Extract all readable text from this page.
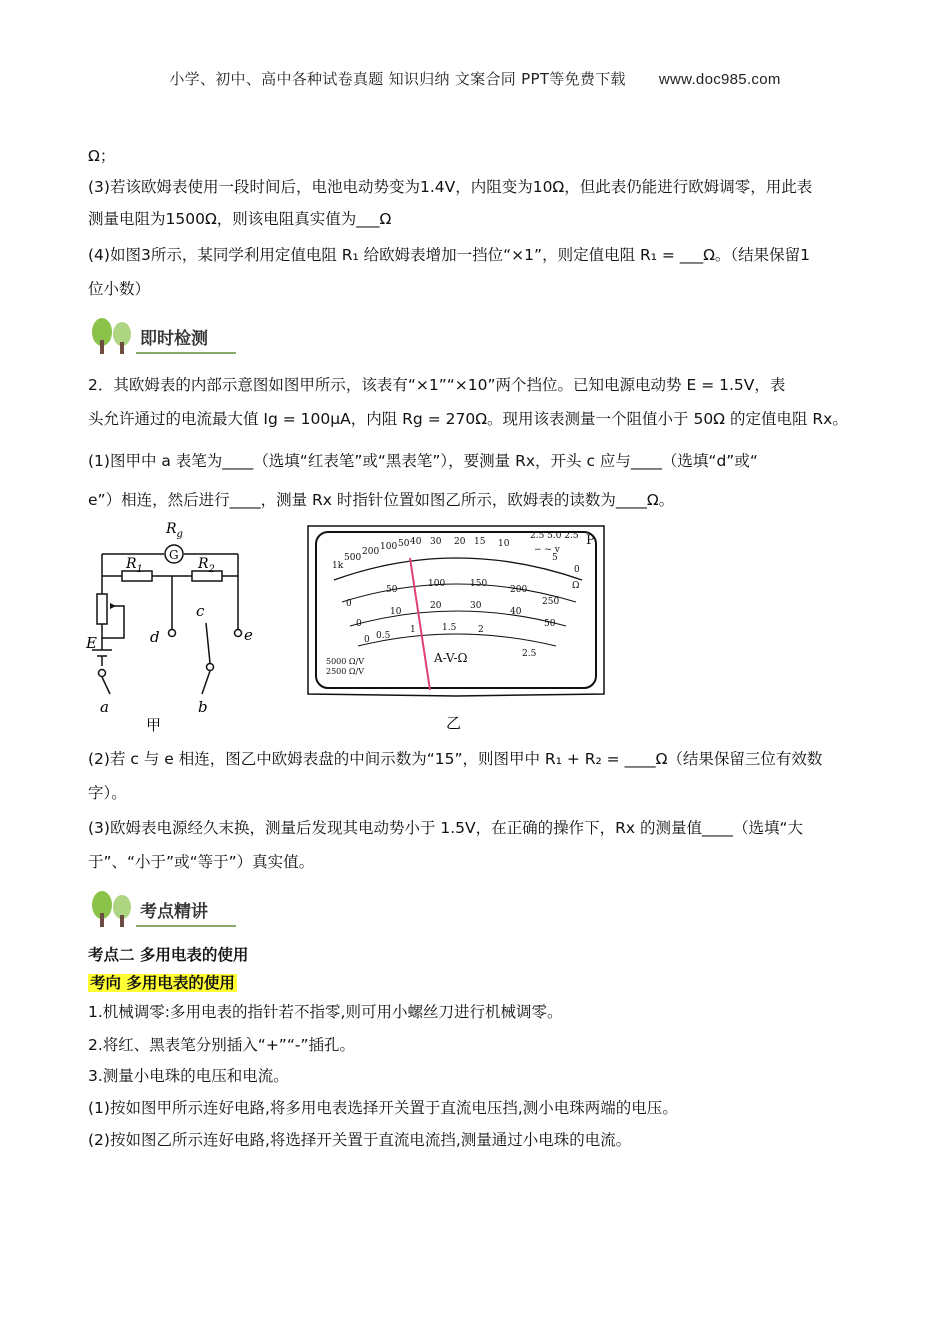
小学、初中、高中各种试卷真题 知识归纳 文案合同 PPT等免费下载 www.doc985.com
Ω；
(3)若该欧姆表使用一段时间后，电池电动势变为1.4V，内阻变为10Ω，但此表仍能进行欧姆调零，用此表
测量电阻为1500Ω，则该电阻真实值为___Ω
(4)如图3所示，某同学利用定值电阻 R₁ 给欧姆表增加一挡位“×1”，则定值电阻 R₁ = ___Ω。（结果保留1
位小数）
即时检测
2．其欧姆表的内部示意图如图甲所示，该表有“×1”“×10”两个挡位。已知电源电动势 E = 1.5V，表
头允许通过的电流最大值 Ig = 100μA，内阻 Rg = 270Ω。现用该表测量一个阻值小于 50Ω 的定值电阻 Rx。
(1)图甲中 a 表笔为____（选填“红表笔”或“黑表笔”），要测量 Rx，开头 c 应与____（选填“d”或“
e”）相连，然后进行____，测量 Rx 时指针位置如图乙所示，欧姆表的读数为____Ω。
$R_g$
G
$R_1$	$R_2$
c
d	e
E
a	b
甲
1k
500
200 100 50 40 30 20 15 10
5
0
2.5 5.0 2.5
− ~ v
P
Ω
0
50
100	150
200
250
0
10
20	30
40
50
0 0.5
1	1.5 2
2.5
A-V-Ω
5000 Ω/V
2500 Ω/V
乙
(2)若 c 与 e 相连，图乙中欧姆表盘的中间示数为“15”，则图甲中 R₁ + R₂ = ____Ω（结果保留三位有效数
字）。
(3)欧姆表电源经久末换，测量后发现其电动势小于 1.5V，在正确的操作下，Rx 的测量值____（选填“大
于”、“小于”或“等于”）真实值。
考点精讲
考点二 多用电表的使用
考向 多用电表的使用
1.机械调零:多用电表的指针若不指零,则可用小螺丝刀进行机械调零。
2.将红、黑表笔分别插入“+”“-”插孔。
3.测量小电珠的电压和电流。
(1)按如图甲所示连好电路,将多用电表选择开关置于直流电压挡,测小电珠两端的电压。
(2)按如图乙所示连好电路,将选择开关置于直流电流挡,测量通过小电珠的电流。
